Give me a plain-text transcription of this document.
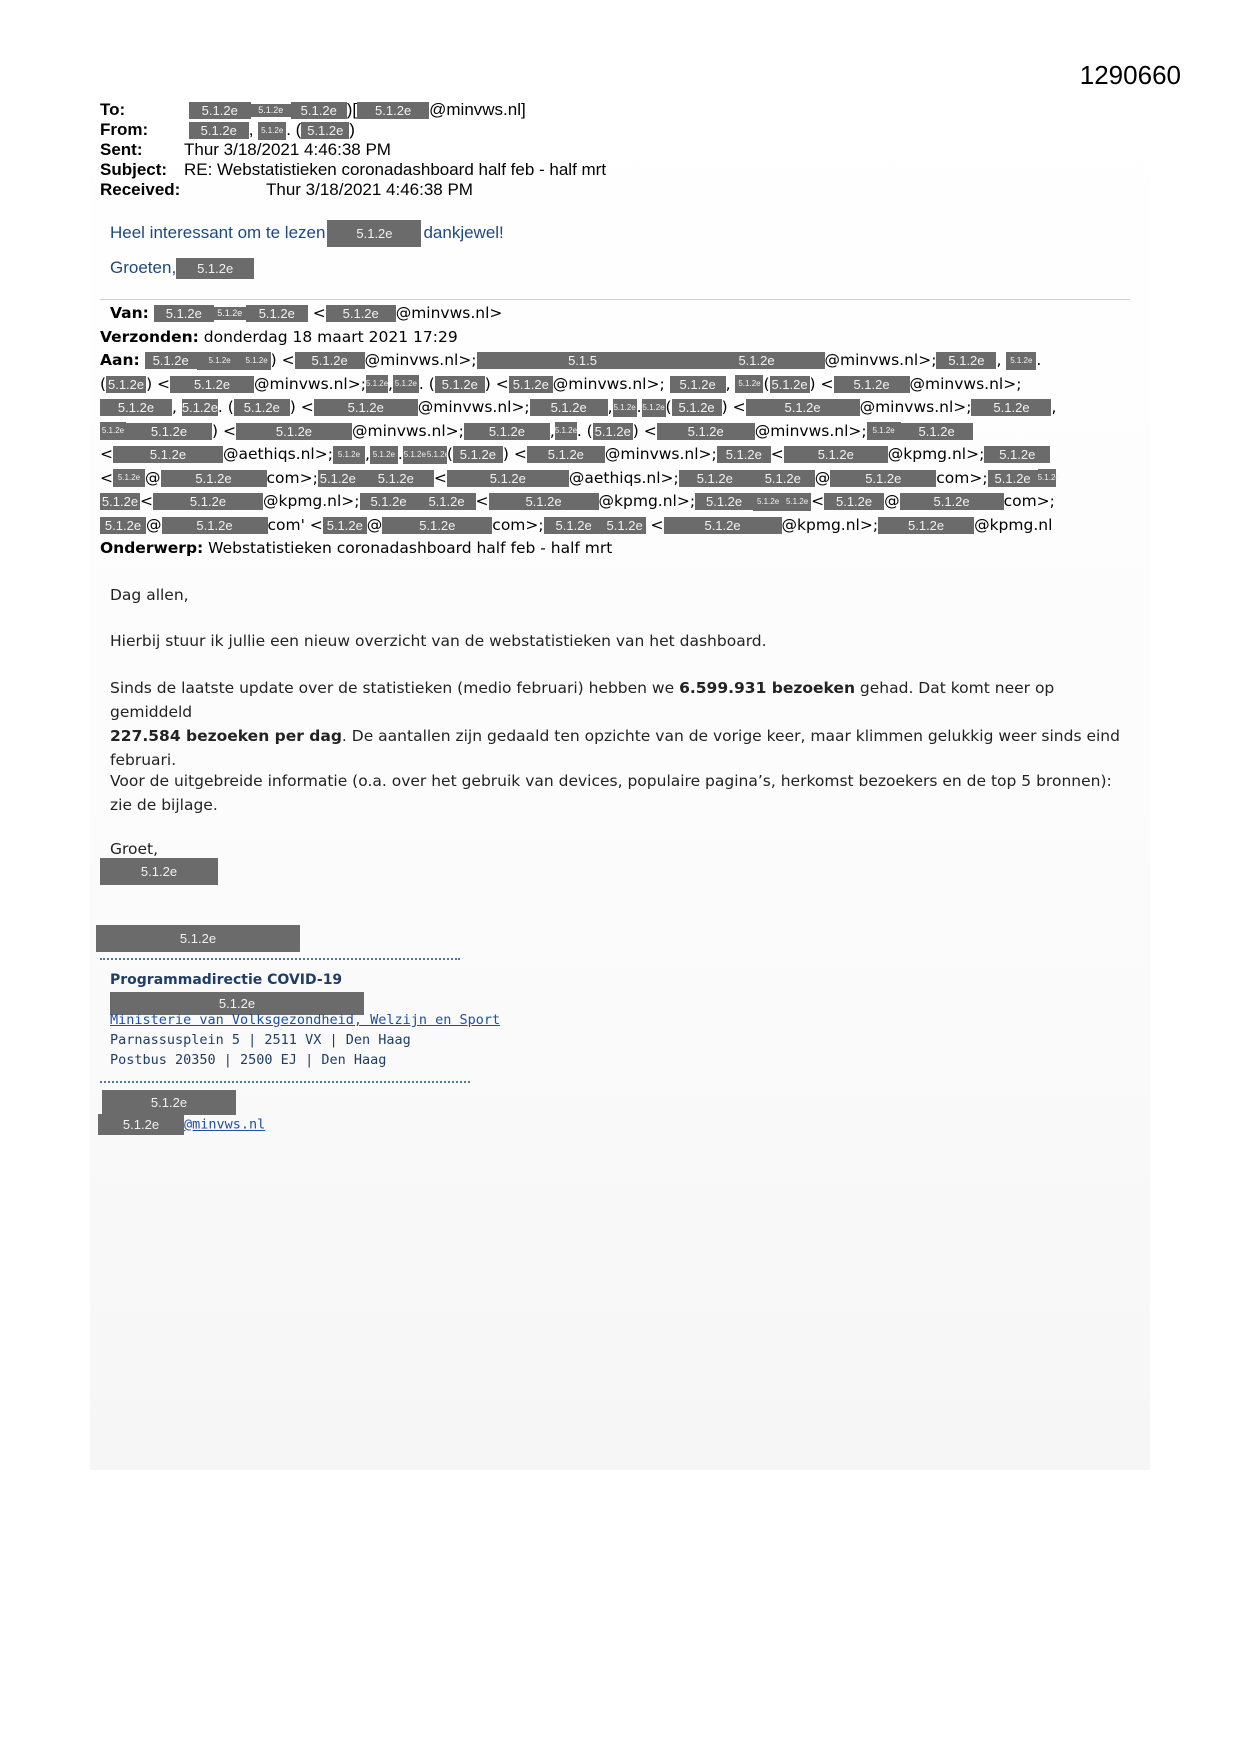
1290660
To:	5.1.2e 5.1.2e 5.1.2e )[ 5.1.2e @minvws.nl]
From:	5.1.2e , 5.1.2e . ( 5.1.2e )
Sent: Thur 3/18/2021 4:46:38 PM
Subject: RE: Webstatistieken coronadashboard half feb - half mrt
Received:	Thur 3/18/2021 4:46:38 PM
Heel interessant om te lezen 5.1.2e dankjewel!
Groeten, 5.1.2e
Van: 5.1.2e 5.1.2e 5.1.2e < 5.1.2e @minvws.nl>
Verzonden: donderdag 18 maart 2021 17:29
Aan: 5.1.2e 5.1.2e 5.1.2e ) < 5.1.2e @minvws.nl>;	5.1.5	5.1.2e	@minvws.nl>; 5.1.2e , 5.1.2e .
( 5.1.2e ) < 5.1.2e @minvws.nl>;5.1.2e, 5.1.2e . ( 5.1.2e ) < 5.1.2e @minvws.nl>; 5.1.2e , 5.1.2e ( 5.1.2e ) < 5.1.2e @minvws.nl>;
5.1.2e , 5.1.2e. ( 5.1.2e ) <	5.1.2e @minvws.nl>; 5.1.2e ,5.1.2e.5.1.2e( 5.1.2e ) <	5.1.2e	@minvws.nl>; 5.1.2e ,
5.1.2e 5.1.2e ) <	5.1.2e	@minvws.nl>; 5.1.2e ,5.1.2e. ( 5.1.2e ) < 5.1.2e @minvws.nl>; 5.1.2e 5.1.2e
<	5.1.2e @aethiqs.nl>; 5.1.2e , 5.1.2e .5.1.2e5.1.2e( 5.1.2e ) < 5.1.2e @minvws.nl>; 5.1.2e <	5.1.2e @kpmg.nl>; 5.1.2e
< 5.1.2e @	5.1.2e com>; 5.1.2e 5.1.2e <	5.1.2e	@aethiqs.nl>; 5.1.2e 5.1.2e @	5.1.2e com>; 5.1.2e 5.1.2e
5.1.2e <	5.1.2e @kpmg.nl>; 5.1.2e 5.1.2e <	5.1.2e @kpmg.nl>; 5.1.2e 5.1.2e 5.1.2e < 5.1.2e @	5.1.2e com>;
5.1.2e @	5.1.2e com' < 5.1.2e @	5.1.2e com>; 5.1.2e 5.1.2e <	5.1.2e	@kpmg.nl>; 5.1.2e @kpmg.nl
Onderwerp: Webstatistieken coronadashboard half feb - half mrt
Dag allen,
Hierbij stuur ik jullie een nieuw overzicht van de webstatistieken van het dashboard.
Sinds de laatste update over de statistieken (medio februari) hebben we 6.599.931 bezoeken gehad. Dat komt neer op gemiddeld
227.584 bezoeken per dag. De aantallen zijn gedaald ten opzichte van de vorige keer, maar klimmen gelukkig weer sinds eind
februari.
Voor de uitgebreide informatie (o.a. over het gebruik van devices, populaire pagina’s, herkomst bezoekers en de top 5 bronnen):
zie de bijlage.
Groet,
5.1.2e
5.1.2e
Programmadirectie COVID-19
5.1.2e
Ministerie van Volksgezondheid, Welzijn en Sport
Parnassusplein 5 | 2511 VX | Den Haag
Postbus 20350 | 2500 EJ | Den Haag
5.1.2e
5.1.2e @minvws.nl
